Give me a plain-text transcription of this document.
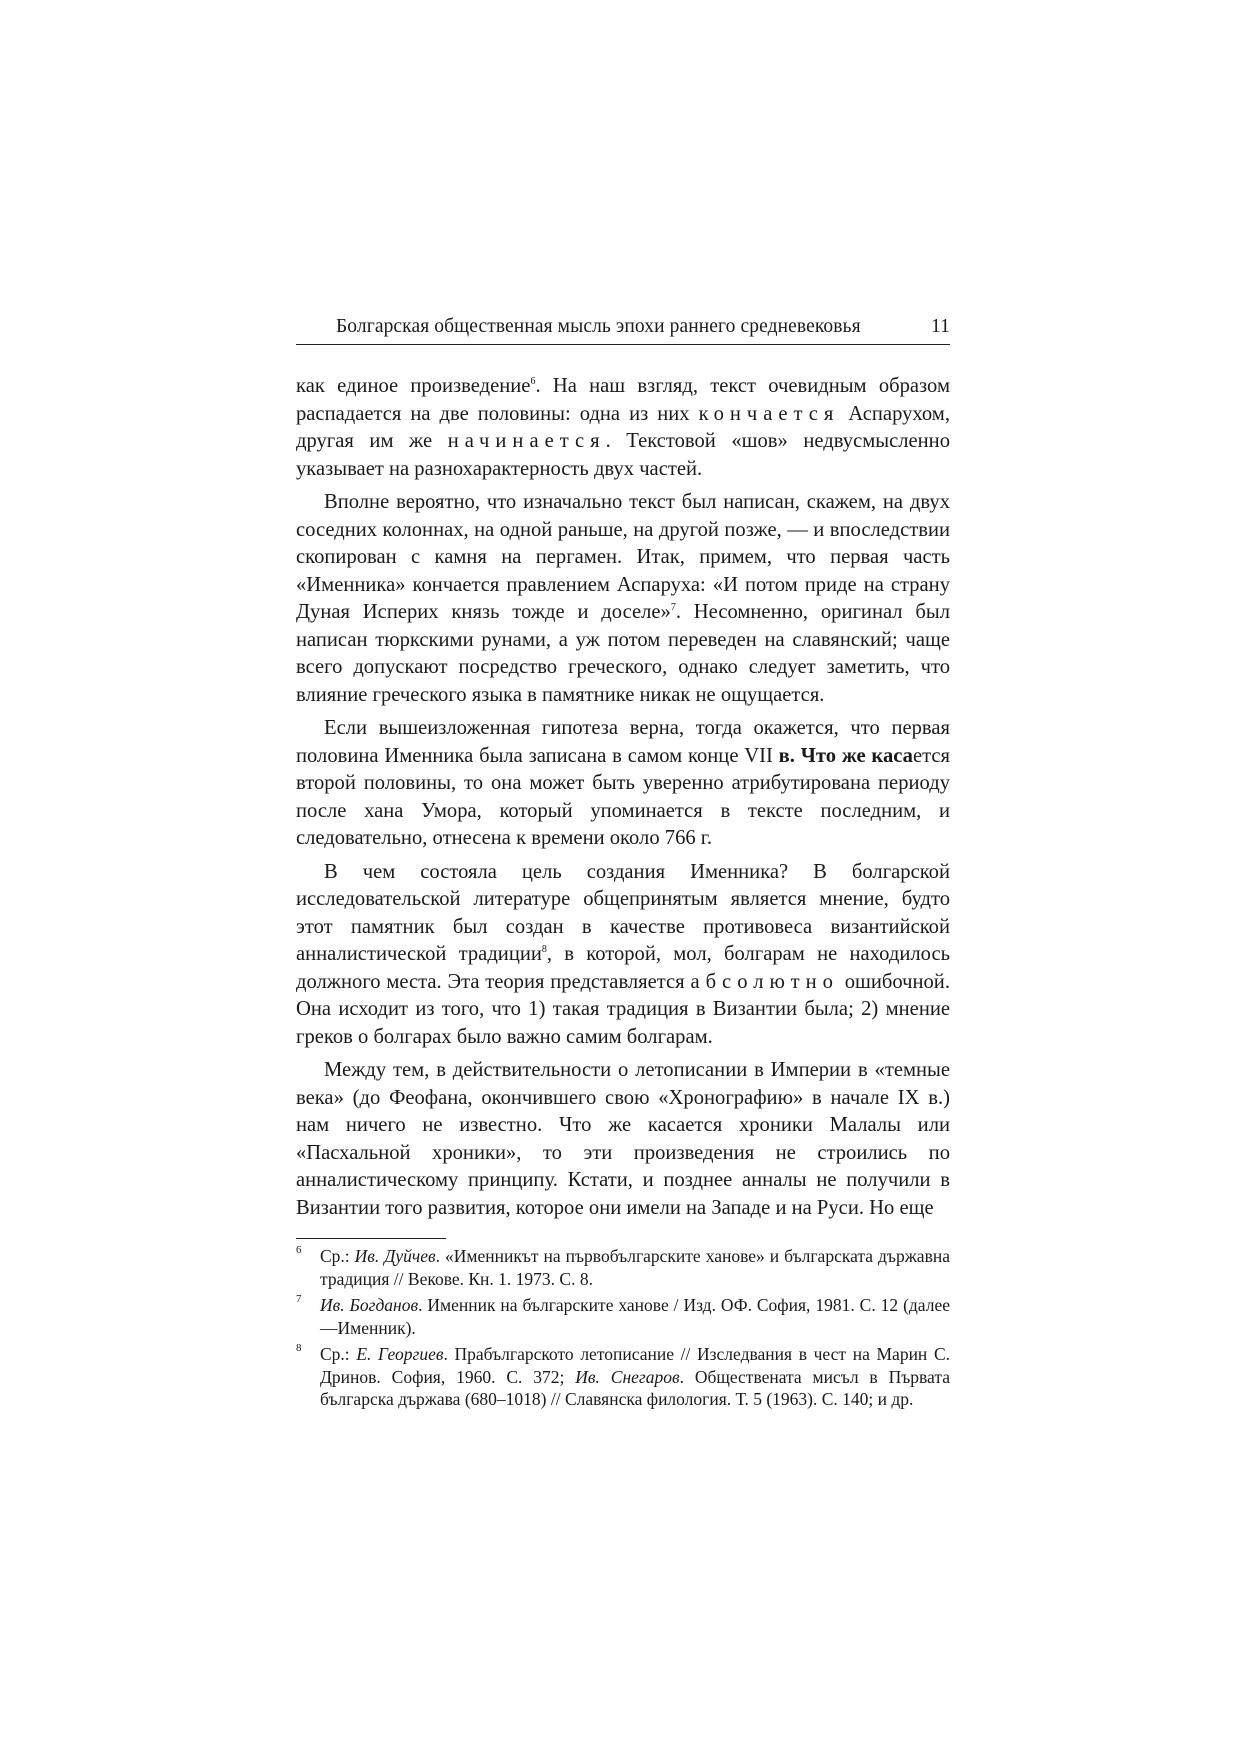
Болгарская общественная мысль эпохи раннего средневековья	11

как единое произведение$^6$. На наш взгляд, текст очевидным образом распадается на две половины: одна из них кончается Аспарухом, другая им же начинается. Текстовой «шов» недвусмысленно указывает на разнохарактерность двух частей.

Вполне вероятно, что изначально текст был написан, скажем, на двух соседних колоннах, на одной раньше, на другой позже, — и впоследствии скопирован с камня на пергамен. Итак, примем, что первая часть «Именника» кончается правлением Аспаруха: «И потом приде на страну Дуная Исперих князь тожде и доселе»$^7$. Несомненно, оригинал был написан тюркскими рунами, а уж потом переведен на славянский; чаще всего допускают посредство греческого, однако следует заметить, что влияние греческого языка в памятнике никак не ощущается.

Если вышеизложенная гипотеза верна, тогда окажется, что первая половина Именника была записана в самом конце VII в. Что же касается второй половины, то она может быть уверенно атрибутирована периоду после хана Умора, который упоминается в тексте последним, и следовательно, отнесена к времени около 766 г.

В чем состояла цель создания Именника? В болгарской исследовательской литературе общепринятым является мнение, будто этот памятник был создан в качестве противовеса византийской анналистической традиции$^8$, в которой, мол, болгарам не находилось должного места. Эта теория представляется абсолютно ошибочной. Она исходит из того, что 1) такая традиция в Византии была; 2) мнение греков о болгарах было важно самим болгарам.

Между тем, в действительности о летописании в Империи в «темные века» (до Феофана, окончившего свою «Хронографию» в начале IX в.) нам ничего не известно. Что же касается хроники Малалы или «Пасхальной хроники», то эти произведения не строились по анналистическому принципу. Кстати, и позднее анналы не получили в Византии того развития, которое они имели на Западе и на Руси. Но еще

6 Ср.: Ив. Дуйчев. «Именникът на първобългарските ханове» и българската държавна традиция // Векове. Кн. 1. 1973. С. 8.
7 Ив. Богданов. Именник на българските ханове / Изд. ОФ. София, 1981. С. 12 (далее —Именник).
8 Ср.: Е. Георгиев. Прабългарското летописание // Изследвания в чест на Марин С. Дринов. София, 1960. С. 372; Ив. Снегаров. Обществената мисъл в Първата българска държава (680–1018) // Славянска филология. Т. 5 (1963). С. 140; и др.
